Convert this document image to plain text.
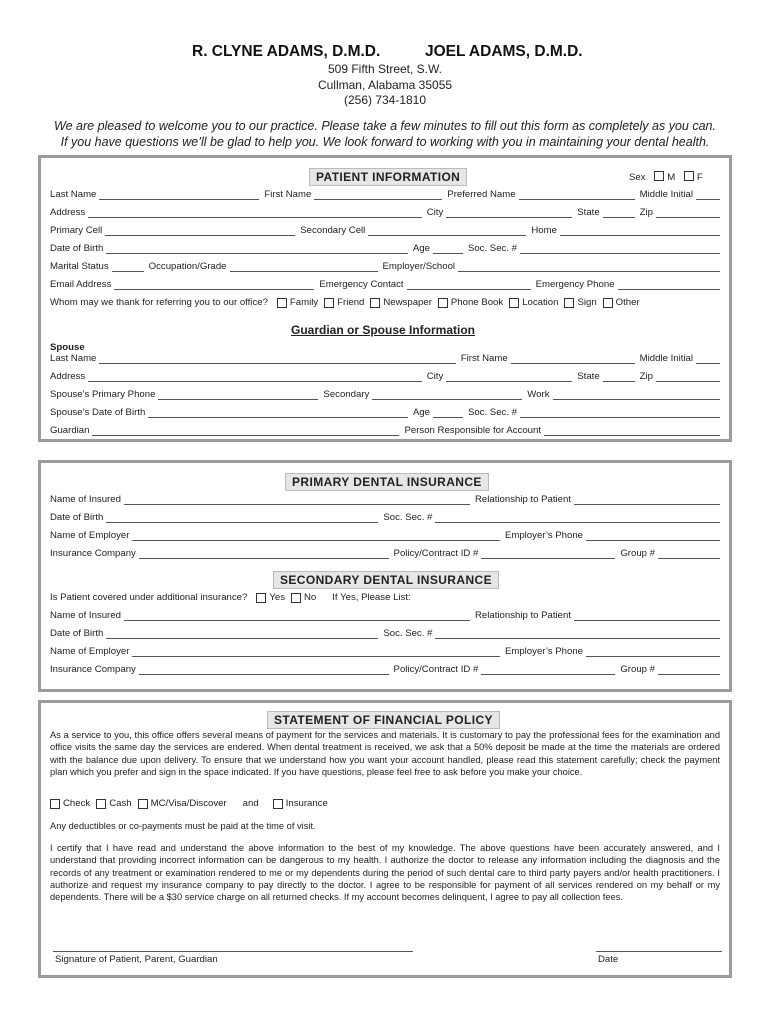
R. CLYNE ADAMS, D.M.D.	JOEL ADAMS, D.M.D.
509 Fifth Street, S.W.
Cullman, Alabama 35055
(256) 734-1810
We are pleased to welcome you to our practice. Please take a few minutes to fill out this form as completely as you can.
If you have questions we’ll be glad to help you. We look forward to working with you in maintaining your dental health.
PATIENT INFORMATION	Sex M F
Last Name	First Name	Preferred Name	Middle Initial
Address	City	State	Zip
Primary Cell	Secondary Cell	Home
Date of Birth	Age	Soc. Sec. #
Marital Status	Occupation/Grade	Employer/School
Email Address	Emergency Contact	Emergency Phone
Whom may we thank for referring you to our office?	Family Friend Newspaper Phone Book Location Sign Other
Guardian or Spouse Information
Spouse
Last Name	First Name	Middle Initial
Address	City	State	Zip
Spouse’s Primary Phone	Secondary	Work
Spouse’s Date of Birth	Age	Soc. Sec. #
Guardian	Person Responsible for Account
PRIMARY DENTAL INSURANCE
Name of Insured	Relationship to Patient
Date of Birth	Soc. Sec. #
Name of Employer	Employer’s Phone
Insurance Company	Policy/Contract ID #	Group #
SECONDARY DENTAL INSURANCE
Is Patient covered under additional insurance?	Yes No	If Yes, Please List:
Name of Insured	Relationship to Patient
Date of Birth	Soc. Sec. #
Name of Employer	Employer’s Phone
Insurance Company	Policy/Contract ID #	Group #
STATEMENT OF FINANCIAL POLICY
As a service to you, this office offers several means of payment for the services and materials. It is customary to pay the professional fees for the examination and office visits the same day the services are endered. When dental treatment is received, we ask that a 50% deposit be made at the time the materials are ordered with the balance due upon delivery. To ensure that we understand how you want your account handled, please read this statement carefully; check the payment plan which you prefer and sign in the space indicated. If you have questions, please feel free to ask before you make your choice.
Check Cash MC/Visa/Discover	and	Insurance
Any deductibles or co-payments must be paid at the time of visit.
I certify that I have read and understand the above information to the best of my knowledge. The above questions have been accurately answered, and I understand that providing incorrect information can be dangerous to my health. I authorize the doctor to release any information including the diagnosis and the records of any treatment or examination rendered to me or my dependents during the period of such dental care to third party payers and/or health practitioners. I authorize and request my insurance company to pay directly to the doctor. I agree to be responsible for payment of all services rendered on my behalf or my dependents. There will be a $30 service charge on all returned checks. If my account becomes delinquent, I agree to pay all collection fees.
Signature of Patient, Parent, Guardian	Date
